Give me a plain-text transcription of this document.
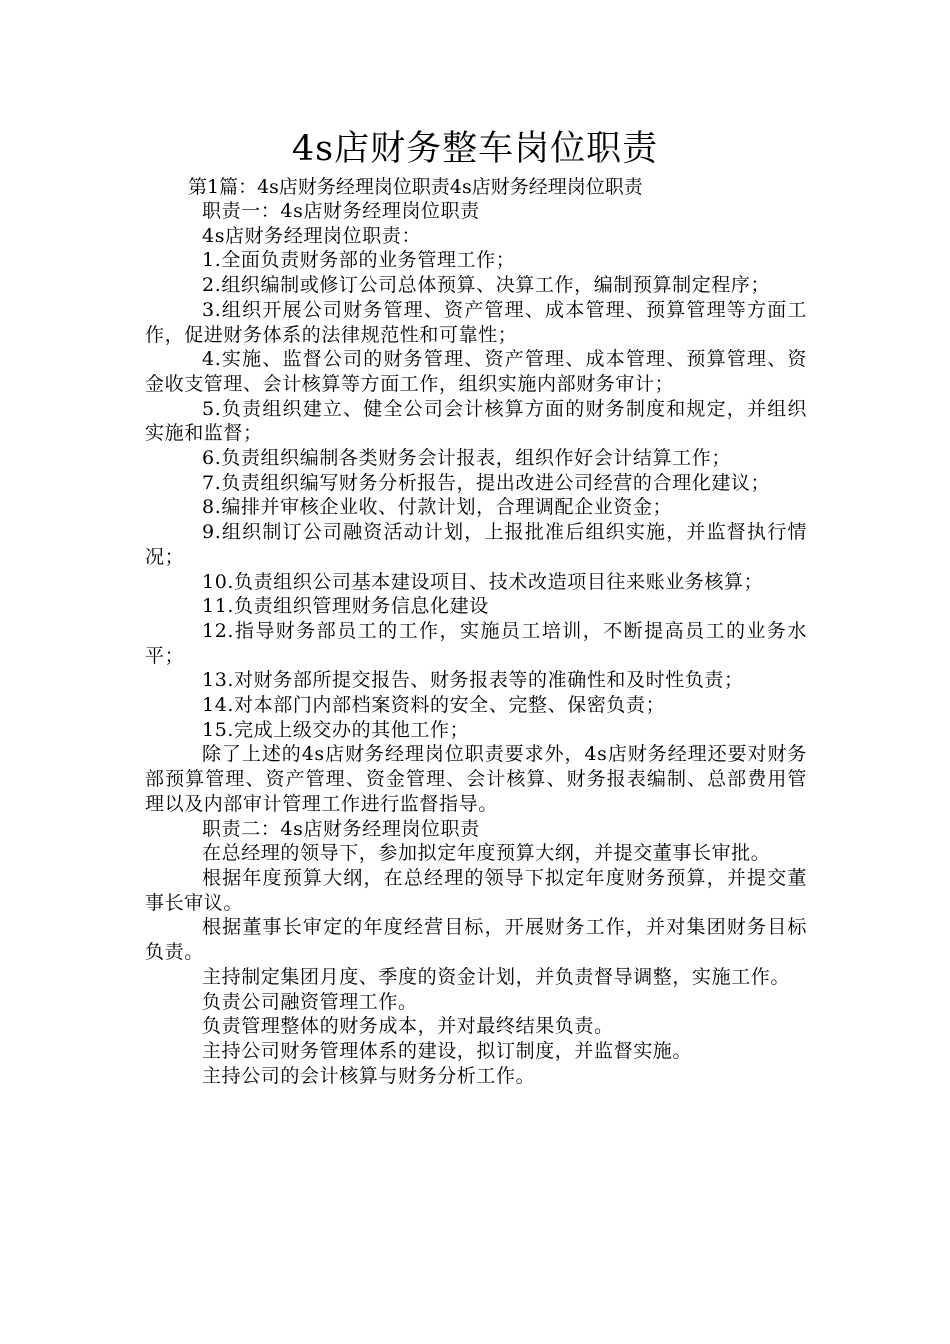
4s店财务整车岗位职责

第1篇：4s店财务经理岗位职责4s店财务经理岗位职责

职责一：4s店财务经理岗位职责

4s店财务经理岗位职责：

1.全面负责财务部的业务管理工作；

2.组织编制或修订公司总体预算、决算工作，编制预算制定程序；

3.组织开展公司财务管理、资产管理、成本管理、预算管理等方面工作，促进财务体系的法律规范性和可靠性；

4.实施、监督公司的财务管理、资产管理、成本管理、预算管理、资金收支管理、会计核算等方面工作，组织实施内部财务审计；

5.负责组织建立、健全公司会计核算方面的财务制度和规定，并组织实施和监督；

6.负责组织编制各类财务会计报表，组织作好会计结算工作；

7.负责组织编写财务分析报告，提出改进公司经营的合理化建议；

8.编排并审核企业收、付款计划，合理调配企业资金；

9.组织制订公司融资活动计划，上报批准后组织实施，并监督执行情况；

10.负责组织公司基本建设项目、技术改造项目往来账业务核算；

11.负责组织管理财务信息化建设

12.指导财务部员工的工作，实施员工培训，不断提高员工的业务水平；

13.对财务部所提交报告、财务报表等的准确性和及时性负责；

14.对本部门内部档案资料的安全、完整、保密负责；

15.完成上级交办的其他工作；

除了上述的4s店财务经理岗位职责要求外，4s店财务经理还要对财务部预算管理、资产管理、资金管理、会计核算、财务报表编制、总部费用管理以及内部审计管理工作进行监督指导。

职责二：4s店财务经理岗位职责

在总经理的领导下，参加拟定年度预算大纲，并提交董事长审批。

根据年度预算大纲，在总经理的领导下拟定年度财务预算，并提交董事长审议。

根据董事长审定的年度经营目标，开展财务工作，并对集团财务目标负责。

主持制定集团月度、季度的资金计划，并负责督导调整，实施工作。

负责公司融资管理工作。

负责管理整体的财务成本，并对最终结果负责。

主持公司财务管理体系的建设，拟订制度，并监督实施。

主持公司的会计核算与财务分析工作。
